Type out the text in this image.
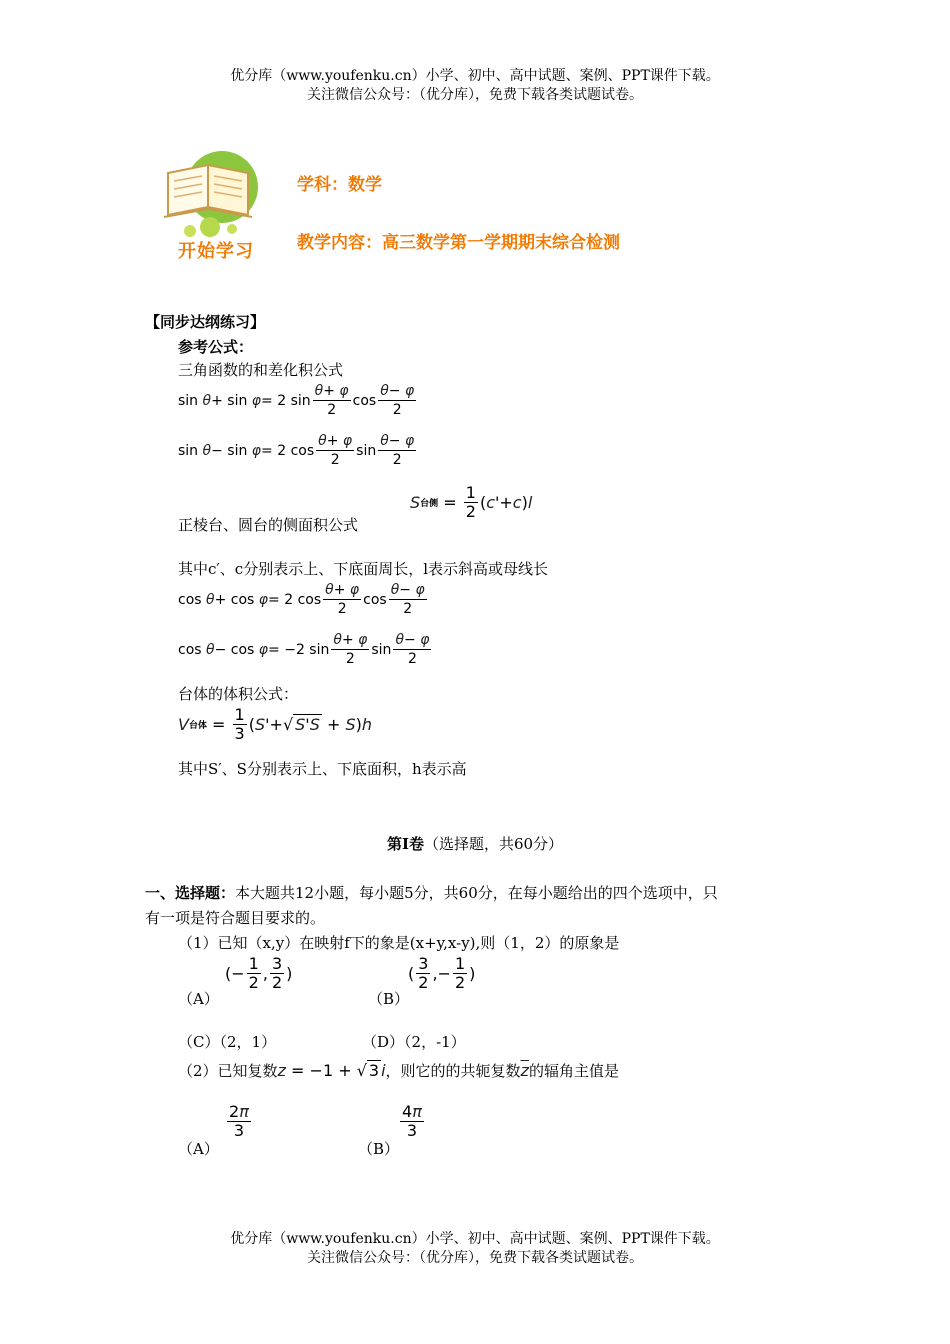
优分库（www.youfenku.cn）小学、初中、高中试题、案例、PPT课件下载。
关注微信公众号：（优分库），免费下载各类试题试卷。
开始学习
学科：数学
教学内容：高三数学第一学期期末综合检测
【同步达纲练习】
参考公式：
三角函数的和差化积公式
sin θ+ sin φ= 2 $\sin \frac{\theta+ \varphi}{2}$ $\cos \frac{\theta- \varphi}{2}$
sin θ− sin φ= 2 $\cos \frac{\theta+ \varphi}{2}$ $\sin \frac{\theta- \varphi}{2}$
正棱台、圆台的侧面积公式
S 台侧 = $\frac{1}{2} (c'+c)l$
其中c′、c分别表示上、下底面周长，l表示斜高或母线长
cos θ+ cos φ= 2 $\cos \frac{\theta+ \varphi}{2}$ $\cos \frac{\theta- \varphi}{2}$
cos θ− cos φ= −2 $\sin \frac{\theta+ \varphi}{2}$ $\sin \frac{\theta- \varphi}{2}$
台体的体积公式：
V 台体 = $\frac{1}{3} (S'+√$ S'S + S)h
其中S′、S分别表示上、下底面积，h表示高
第Ⅰ卷（选择题，共60分）
一、选择题：本大题共12小题，每小题5分，共60分，在每小题给出的四个选项中，只
有一项是符合题目要求的。
（1）已知（x,y）在映射f下的象是(x+y,x-y),则（1，2）的原象是
（A）
(− $\frac{1}{2}$ , $\frac{3}{2}$ )
（B）
( $\frac{3}{2}$ ,− $\frac{1}{2}$ )
（C）（2，1）	（D）（2，-1）
（2）已知复数 z = −1 + √ 3 i ，则它的的共轭复数 $\overline{z}$ 的辐角主值是
（A）
$\frac{2\pi}{3}$
（B）
$\frac{4\pi}{3}$
优分库（www.youfenku.cn）小学、初中、高中试题、案例、PPT课件下载。
关注微信公众号：（优分库），免费下载各类试题试卷。
